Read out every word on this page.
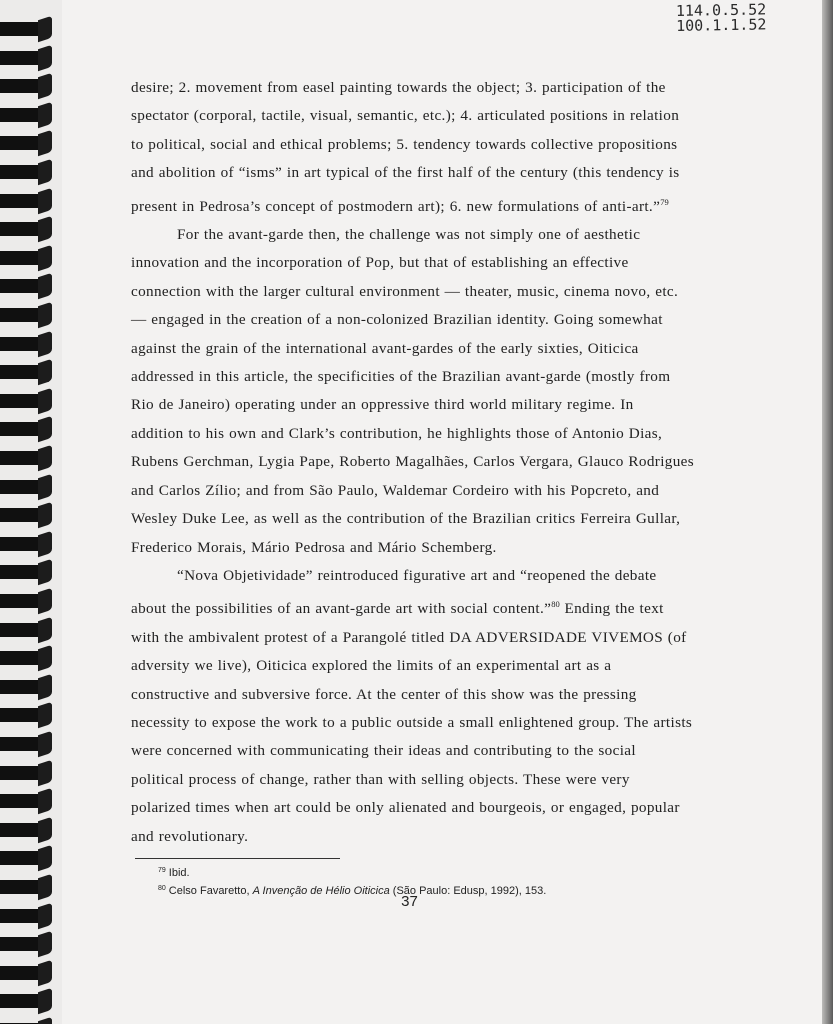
114.0.5.52
100.1.1.52
desire; 2. movement from easel painting towards the object; 3. participation of the
spectator (corporal, tactile, visual, semantic, etc.); 4. articulated positions in relation
to political, social and ethical problems; 5. tendency towards collective propositions
and abolition of “isms” in art typical of the first half of the century (this tendency is
present in Pedrosa’s concept of postmodern art); 6. new formulations of anti-art.”$^{79}$
For the avant-garde then, the challenge was not simply one of aesthetic
innovation and the incorporation of Pop, but that of establishing an effective
connection with the larger cultural environment — theater, music, cinema novo, etc.
— engaged in the creation of a non-colonized Brazilian identity. Going somewhat
against the grain of the international avant-gardes of the early sixties, Oiticica
addressed in this article, the specificities of the Brazilian avant-garde (mostly from
Rio de Janeiro) operating under an oppressive third world military regime. In
addition to his own and Clark’s contribution, he highlights those of Antonio Dias,
Rubens Gerchman, Lygia Pape, Roberto Magalhães, Carlos Vergara, Glauco Rodrigues
and Carlos Zílio; and from São Paulo, Waldemar Cordeiro with his Popcreto, and
Wesley Duke Lee, as well as the contribution of the Brazilian critics Ferreira Gullar,
Frederico Morais, Mário Pedrosa and Mário Schemberg.
“Nova Objetividade” reintroduced figurative art and “reopened the debate
about the possibilities of an avant-garde art with social content.”$^{80}$ Ending the text
with the ambivalent protest of a Parangolé titled DA ADVERSIDADE VIVEMOS (of
adversity we live), Oiticica explored the limits of an experimental art as a
constructive and subversive force. At the center of this show was the pressing
necessity to expose the work to a public outside a small enlightened group. The artists
were concerned with communicating their ideas and contributing to the social
political process of change, rather than with selling objects. These were very
polarized times when art could be only alienated and bourgeois, or engaged, popular
and revolutionary.
$^{79}$ Ibid.
$^{80}$ Celso Favaretto, A Invenção de Hélio Oiticica (São Paulo: Edusp, 1992), 153.
37
